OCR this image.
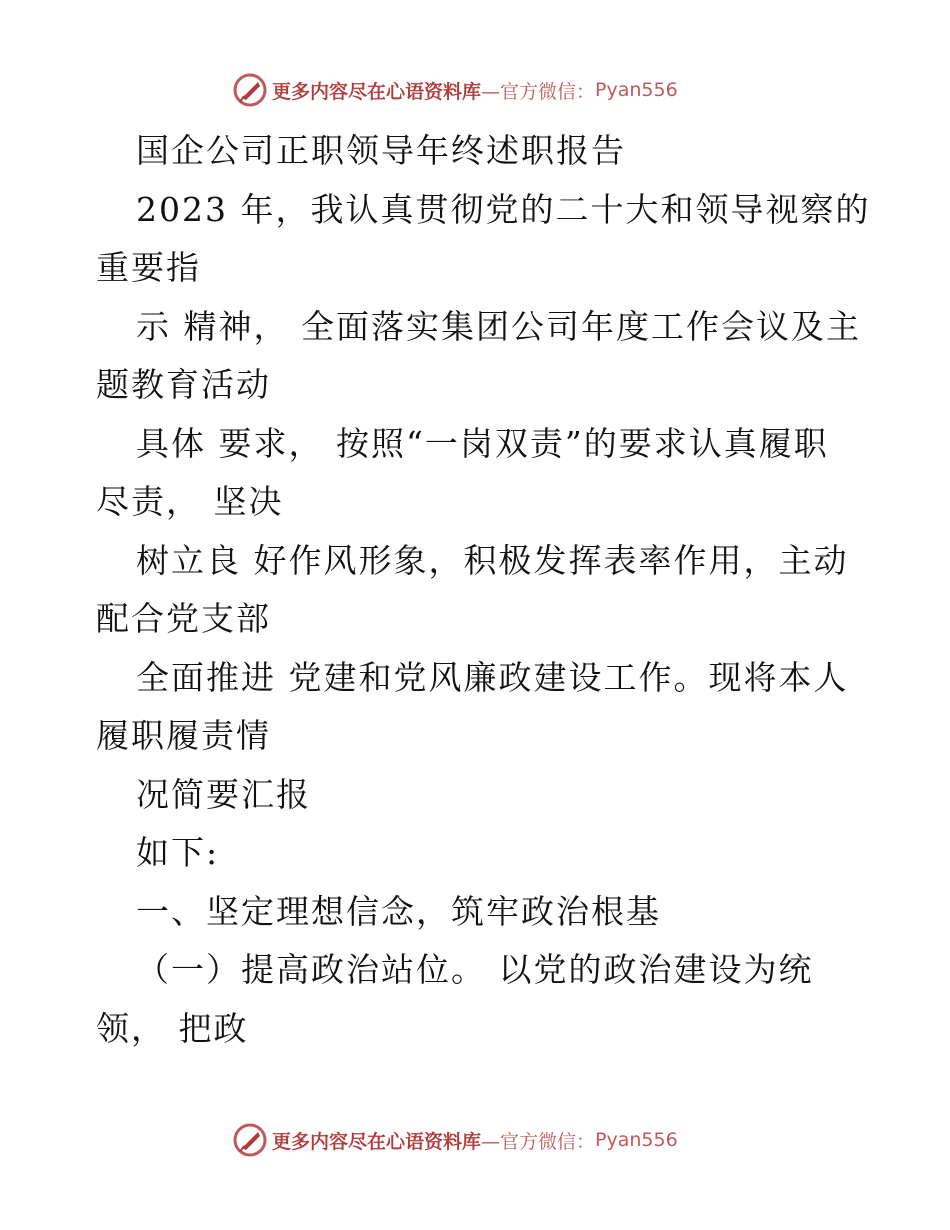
更多内容尽在心语资料库 —官方微信： Pyan556
国企公司正职领导年终述职报告
2023 年，我认真贯彻党的二十大和领导视察的
重要指
示 精神， 全面落实集团公司年度工作会议及主
题教育活动
具体 要求， 按照“一岗双责”的要求认真履职
尽责， 坚决
树立良 好作风形象，积极发挥表率作用，主动
配合党支部
全面推进 党建和党风廉政建设工作。现将本人
履职履责情
况简要汇报
如下:
一、坚定理想信念，筑牢政治根基
（一）提高政治站位。 以党的政治建设为统
领， 把政
更多内容尽在心语资料库 —官方微信： Pyan556
